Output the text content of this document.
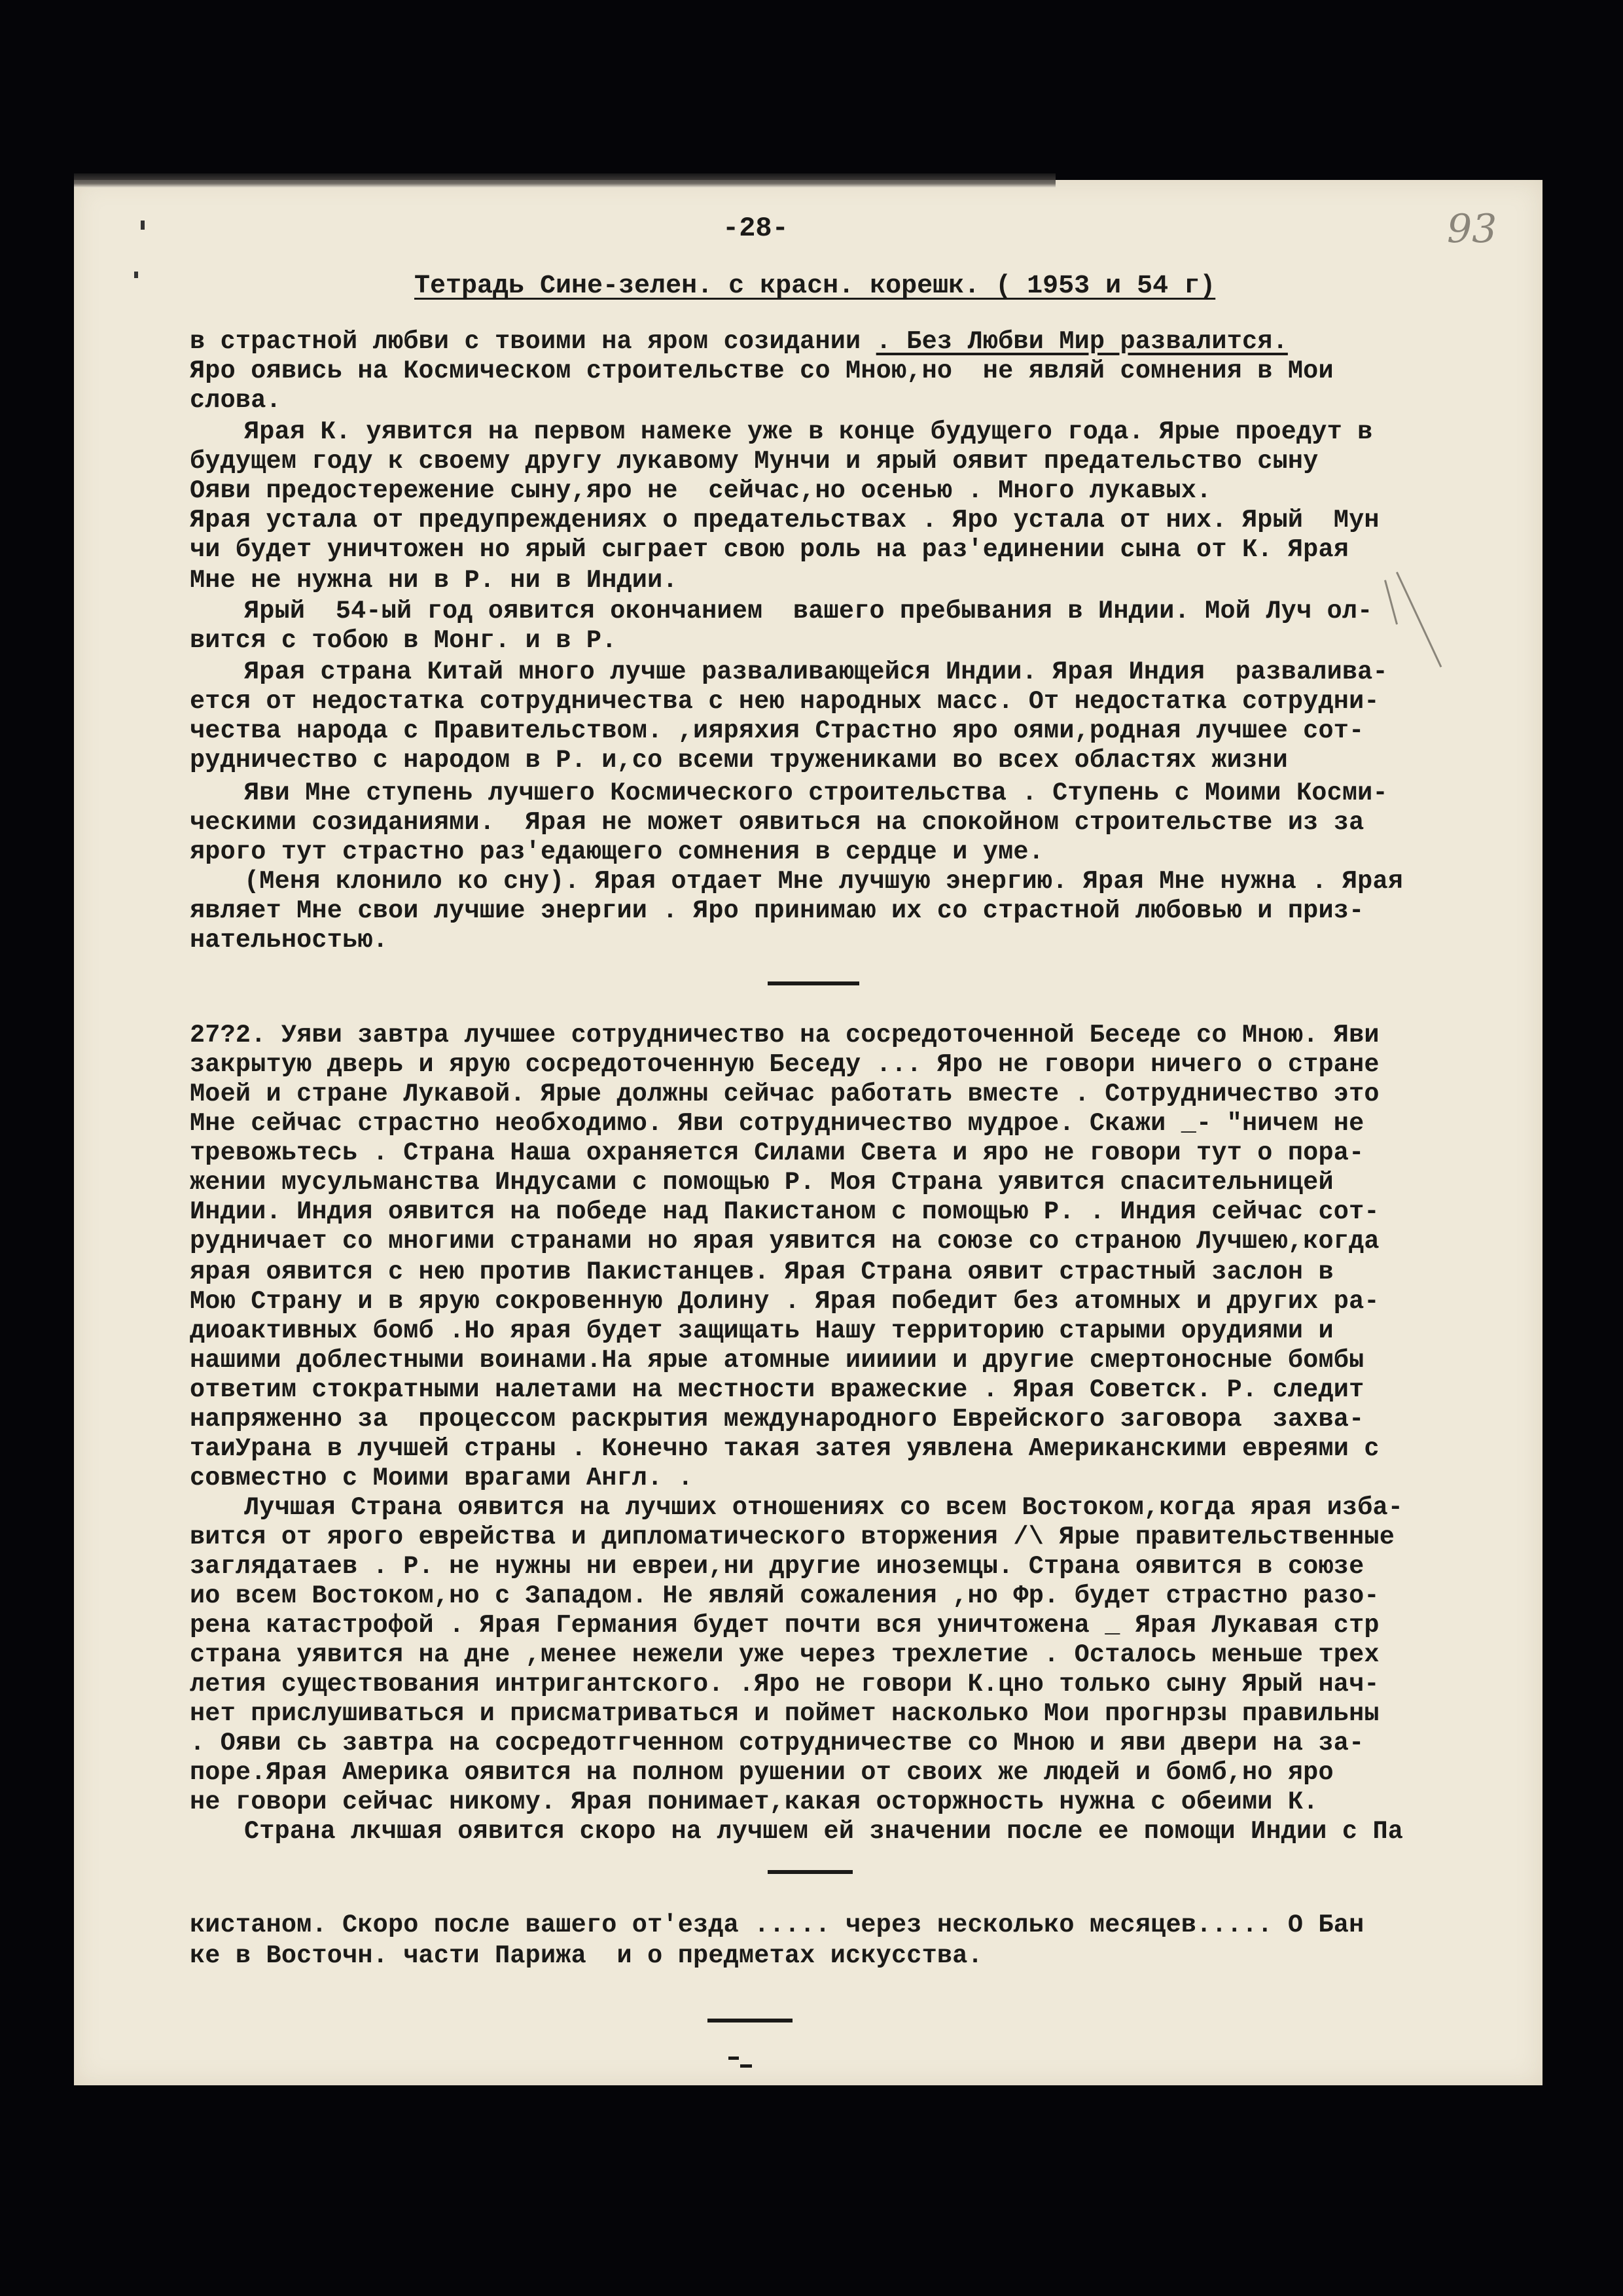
-28-	93
Тетрадь Сине-зелен. с красн. корешк. ( 1953 и 54 г)
в страстной любви с твоими на яром созидании . Без Любви Мир развалится.
Яро оявись на Космическом строительстве со Мною,но  не являй сомнения в Мои
слова.
Ярая К. уявится на первом намеке уже в конце будущего года. Ярые проедут в
будущем году к своему другу лукавому Мунчи и ярый оявит предательство сыну
Ояви предостережение сыну,яро не  сейчас,но осенью . Много лукавых.
Ярая устала от предупреждениях о предательствах . Яро устала от них. Ярый  Мун
чи будет уничтожен но ярый сыграет свою роль на раз'единении сына от К. Ярая
Мне не нужна ни в Р. ни в Индии.
Ярый  54-ый год оявится окончанием  вашего пребывания в Индии. Мой Луч ол-
вится с тобою в Монг. и в Р.
Ярая страна Китай много лучше разваливающейся Индии. Ярая Индия  развалива-
ется от недостатка сотрудничества с нею народных масс. От недостатка сотрудни-
чества народа с Правительством. ,ияряхия Страстно яро оями,родная лучшее сот-
рудничество с народом в Р. и,со всеми тружениками во всех областях жизни
Яви Мне ступень лучшего Космического строительства . Ступень с Моими Косми-
ческими созиданиями.  Ярая не может оявиться на спокойном строительстве из за
ярого тут страстно раз'едающего сомнения в сердце и уме.
(Меня клонило ко сну). Ярая отдает Мне лучшую энергию. Ярая Мне нужна . Ярая
являет Мне свои лучшие энергии . Яро принимаю их со страстной любовью и приз-
нательностью.
27?2. Уяви завтра лучшее сотрудничество на сосредоточенной Беседе со Мною. Яви
закрытую дверь и ярую сосредоточенную Беседу ... Яро не говори ничего о стране
Моей и стране Лукавой. Ярые должны сейчас работать вместе . Сотрудничество это
Мне сейчас страстно необходимо. Яви сотрудничество мудрое. Скажи _- "ничем не
тревожьтесь . Страна Наша охраняется Силами Света и яро не говори тут о пора-
жении мусульманства Индусами с помощью Р. Моя Страна уявится спасительницей
Индии. Индия оявится на победе над Пакистаном с помощью Р. . Индия сейчас сот-
рудничает со многими странами но ярая уявится на союзе со страною Лучшею,когда
ярая оявится с нею против Пакистанцев. Ярая Страна оявит страстный заслон в
Мою Страну и в ярую сокровенную Долину . Ярая победит без атомных и других ра-
диоактивных бомб .Но ярая будет защищать Нашу территорию старыми орудиями и
нашими доблестными воинами.На ярые атомные ииииии и другие смертоносные бомбы
ответим стократными налетами на местности вражеские . Ярая Советск. Р. следит
напряженно за  процессом раскрытия международного Еврейского заговора  захва-
таиУрана в лучшей страны . Конечно такая затея уявлена Американскими евреями с
совместно с Моими врагами Англ. .
Лучшая Страна оявится на лучших отношениях со всем Востоком,когда ярая изба-
вится от ярого еврейства и дипломатического вторжения /\ Ярые правительственные
заглядатаев . Р. не нужны ни евреи,ни другие иноземцы. Страна оявится в союзе
ио всем Востоком,но с Западом. Не являй сожаления ,но Фр. будет страстно разо-
рена катастрофой . Ярая Германия будет почти вся уничтожена _ Ярая Лукавая стр
страна уявится на дне ,менее нежели уже через трехлетие . Осталось меньше трех
летия существования интригантского. .Яро не говори К.цно только сыну Ярый нач-
нет прислушиваться и присматриваться и поймет насколько Мои прогнрзы правильны
. Ояви сь завтра на сосредотгченном сотрудничестве со Мною и яви двери на за-
поре.Ярая Америка оявится на полном рушении от своих же людей и бомб,но яро
не говори сейчас никому. Ярая понимает,какая осторжность нужна с обеими К.
Страна лкчшая оявится скоро на лучшем ей значении после ее помощи Индии с Па
кистаном. Скоро после вашего от'езда ..... через несколько месяцев..... О Бан
ке в Восточн. части Парижа  и о предметах искусства.
